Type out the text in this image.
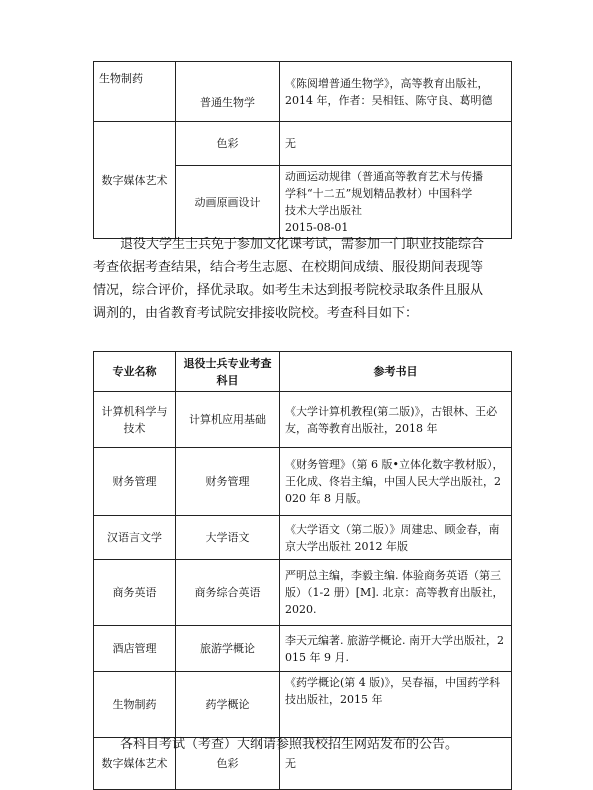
生物制药	普通生物学	《陈阅增普通生物学》，高等教育出版社，
2014 年，作者：吴相钰、陈守良、葛明德

数字媒体艺术	色彩	无
	动画原画设计	动画运动规律（普通高等教育艺术与传播
学科“十二五”规划精品教材）中国科学
技术大学出版社
2015-08-01
退役大学生士兵免于参加文化课考试，需参加一门职业技能综合
考查依据考查结果，结合考生志愿、在校期间成绩、服役期间表现等
情况，综合评价，择优录取。如考生未达到报考院校录取条件且服从
调剂的，由省教育考试院安排接收院校。考查科目如下：
专业名称	退役士兵专业考查科目	参考书目
计算机科学与技术	计算机应用基础	《大学计算机教程(第二版)》，古银林、王必友，高等教育出版社，2018 年
财务管理	财务管理	《财务管理》（第 6 版•立体化数字教材版），王化成、佟岩主编，中国人民大学出版社，2020 年 8 月版。
汉语言文学	大学语文	《大学语文（第二版）》周建忠、顾金春，南京大学出版社 2012 年版
商务英语	商务综合英语	严明总主编，李毅主编. 体验商务英语（第三版）（1-2 册）[M]. 北京：高等教育出版社，2020.
酒店管理	旅游学概论	李天元编著. 旅游学概论. 南开大学出版社，2015 年 9 月.
生物制药	药学概论	《药学概论(第 4 版)》，吴春福，中国药学科技出版社，2015 年
数字媒体艺术	色彩	无
各科目考试（考查）大纲请参照我校招生网站发布的公告。
